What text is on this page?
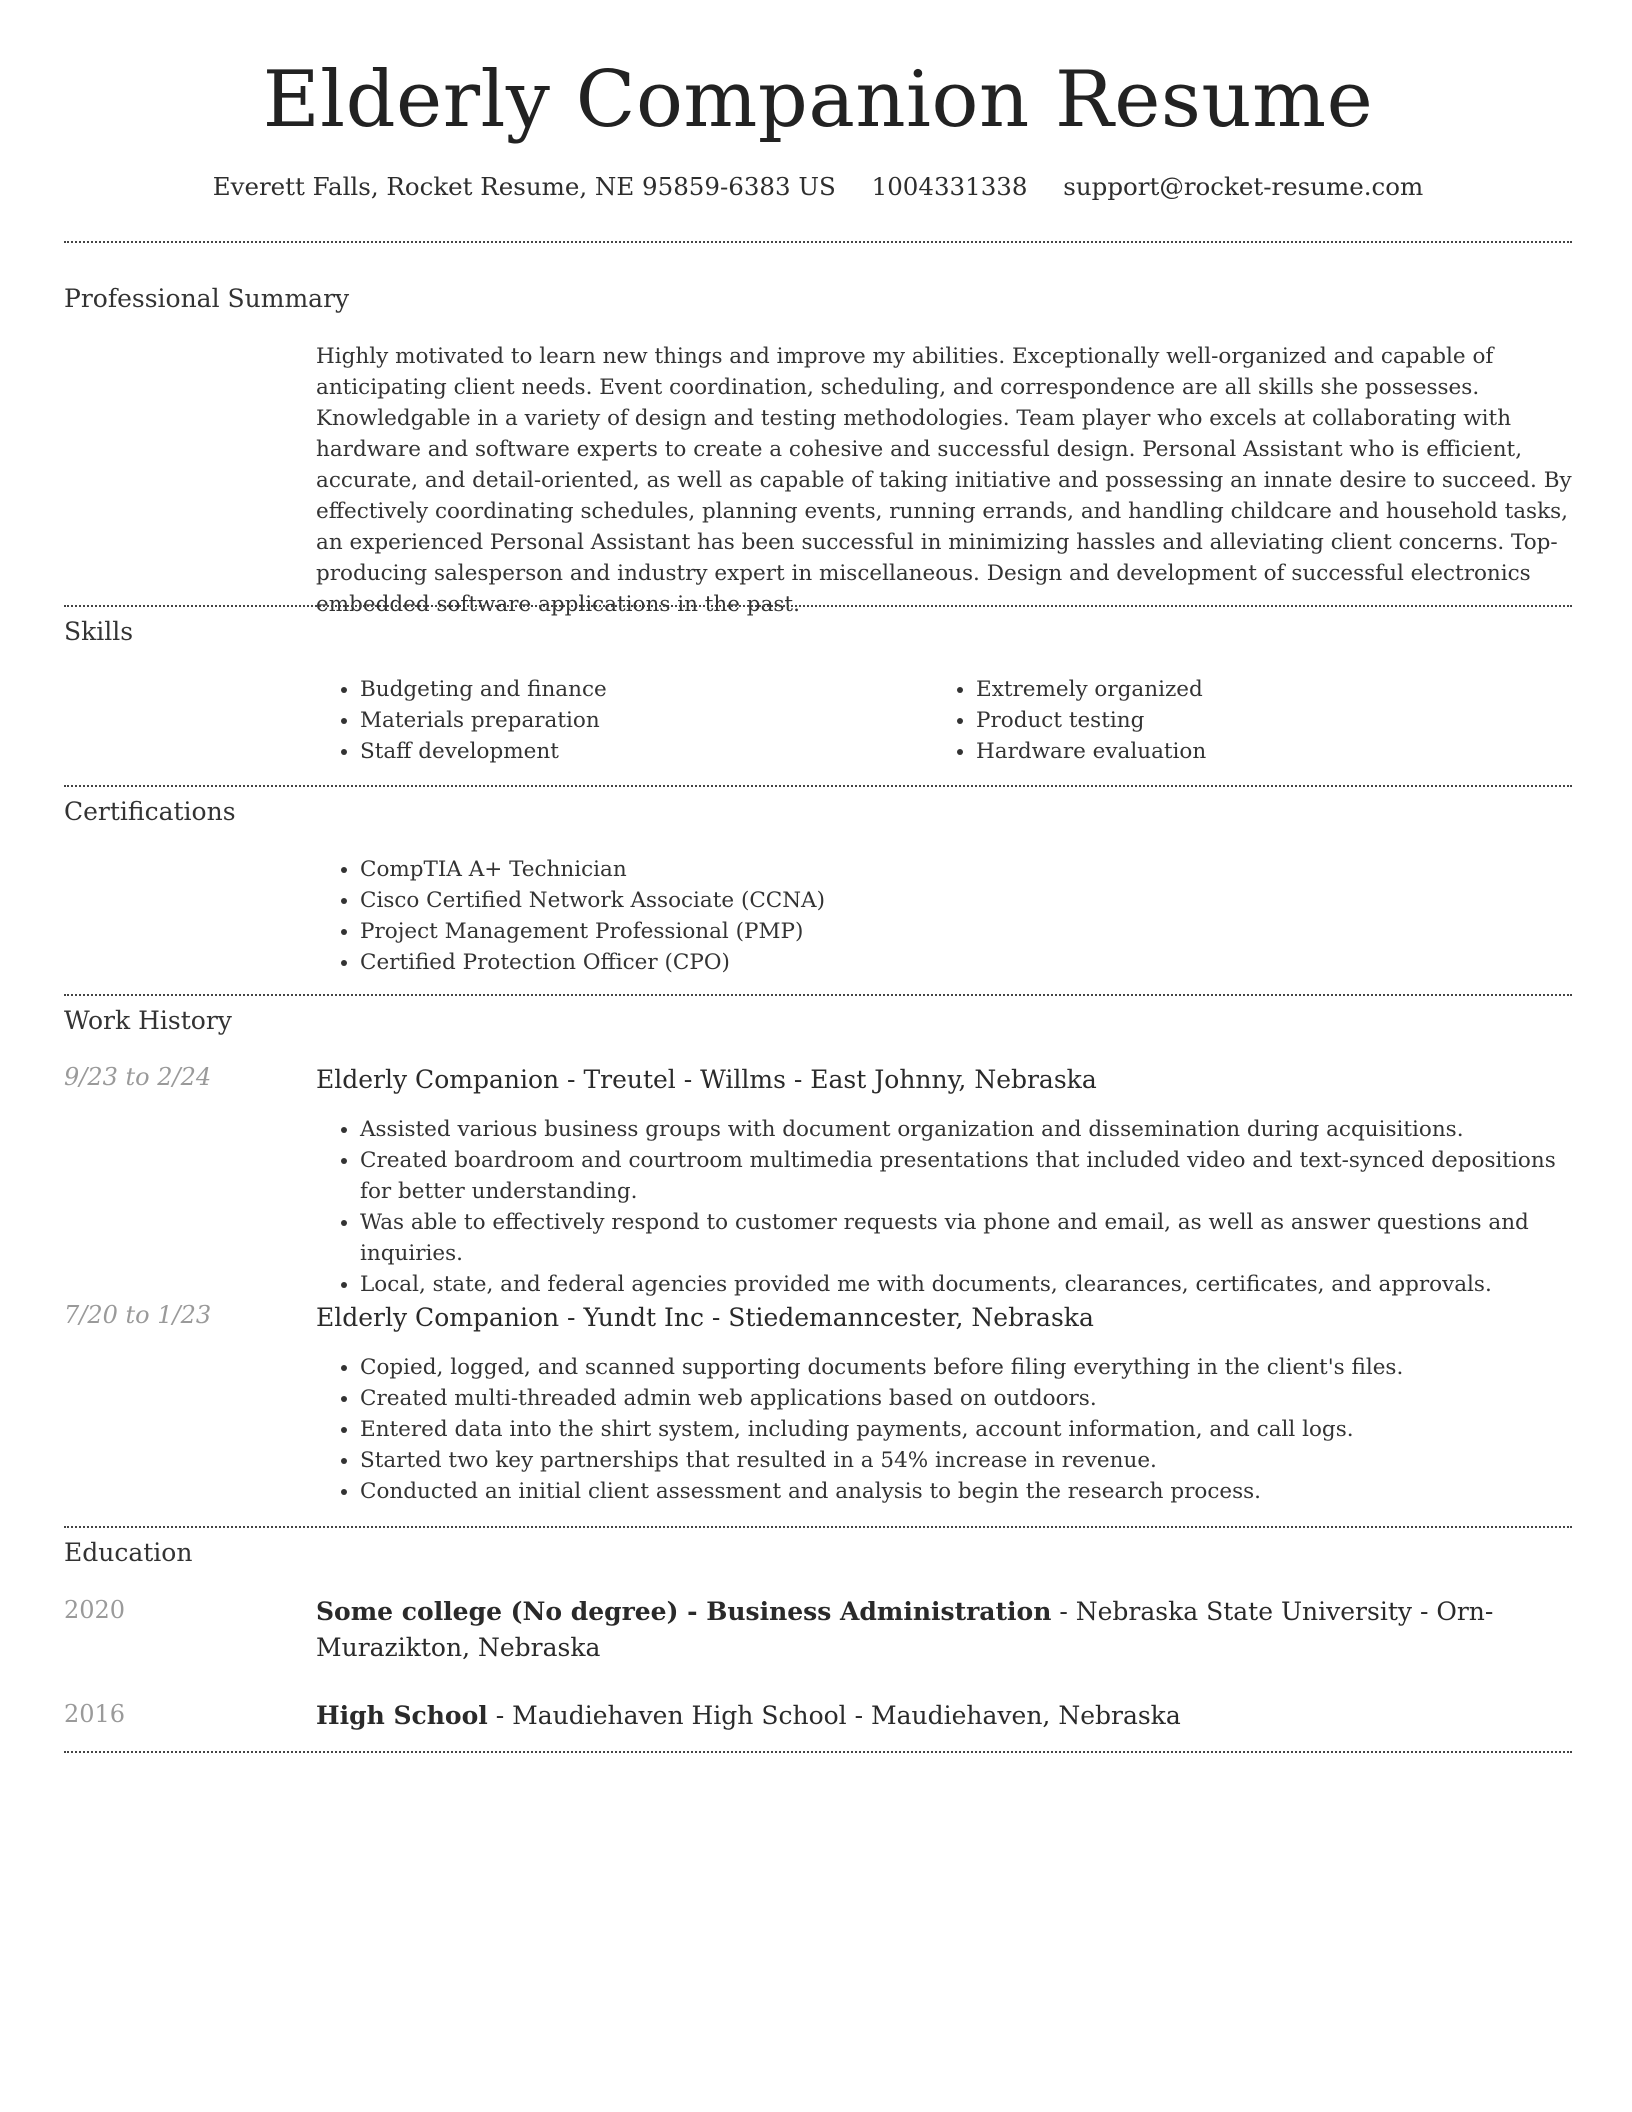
Elderly Companion Resume
Everett Falls, Rocket Resume, NE 95859-6383 US 1004331338 support@rocket-resume.com
Professional Summary
Highly motivated to learn new things and improve my abilities. Exceptionally well-organized and capable of anticipating client needs. Event coordination, scheduling, and correspondence are all skills she possesses. Knowledgable in a variety of design and testing methodologies. Team player who excels at collaborating with hardware and software experts to create a cohesive and successful design. Personal Assistant who is efficient, accurate, and detail-oriented, as well as capable of taking initiative and possessing an innate desire to succeed. By effectively coordinating schedules, planning events, running errands, and handling childcare and household tasks, an experienced Personal Assistant has been successful in minimizing hassles and alleviating client concerns. Top-producing salesperson and industry expert in miscellaneous. Design and development of successful electronics embedded software applications in the past.
Skills
• Budgeting and finance
• Materials preparation
• Staff development
• Extremely organized
• Product testing
• Hardware evaluation
Certifications
• CompTIA A+ Technician
• Cisco Certified Network Associate (CCNA)
• Project Management Professional (PMP)
• Certified Protection Officer (CPO)
Work History
9/23 to 2/24	Elderly Companion - Treutel - Willms - East Johnny, Nebraska
• Assisted various business groups with document organization and dissemination during acquisitions.
• Created boardroom and courtroom multimedia presentations that included video and text-synced depositions for better understanding.
• Was able to effectively respond to customer requests via phone and email, as well as answer questions and inquiries.
• Local, state, and federal agencies provided me with documents, clearances, certificates, and approvals.
7/20 to 1/23	Elderly Companion - Yundt Inc - Stiedemanncester, Nebraska
• Copied, logged, and scanned supporting documents before filing everything in the client's files.
• Created multi-threaded admin web applications based on outdoors.
• Entered data into the shirt system, including payments, account information, and call logs.
• Started two key partnerships that resulted in a 54% increase in revenue.
• Conducted an initial client assessment and analysis to begin the research process.
Education
2020	Some college (No degree) - Business Administration - Nebraska State University - Orn-Murazikton, Nebraska
2016	High School - Maudiehaven High School - Maudiehaven, Nebraska
